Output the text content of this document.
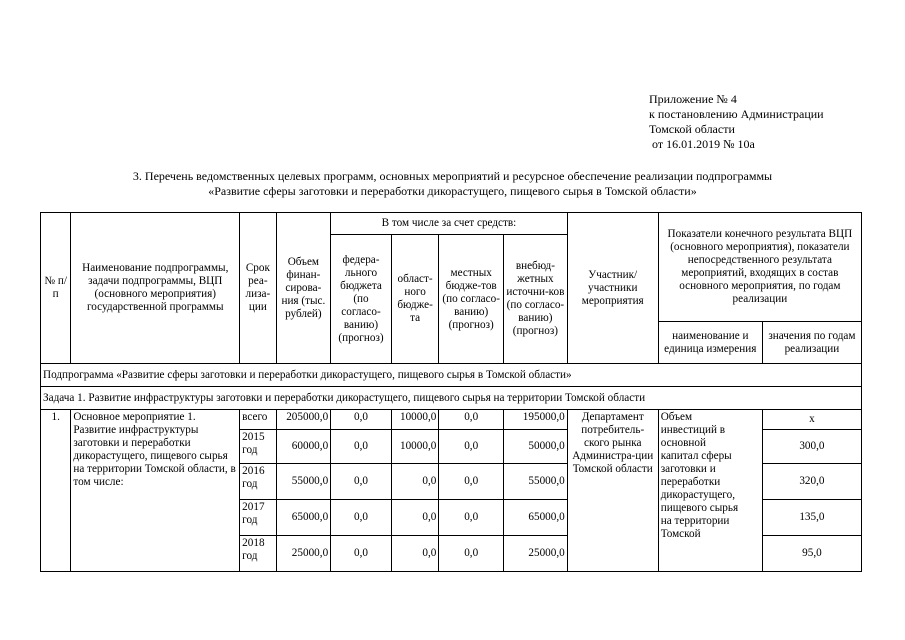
Приложение № 4
к постановлению Администрации
Томской области
от 16.01.2019 № 10а
3. Перечень ведомственных целевых программ, основных мероприятий и ресурсное обеспечение реализации подпрограммы
«Развитие сферы заготовки и переработки дикорастущего, пищевого сырья в Томской области»
№ п/п	Наименование подпрограммы, задачи подпрограммы, ВЦП (основного мероприятия) государственной программы	Срок реа-лиза-ции	Объем финан-сирова-ния (тыс. рублей)	В том числе за счет средств:				Участник/ участники мероприятия	Показатели конечного результата ВЦП (основного мероприятия), показатели непосредственного результата мероприятий, входящих в состав основного мероприятия, по годам реализации	
				федера-льного бюджета (по согласо-ванию) (прогноз)	област-ного бюдже-та	местных бюдже-тов (по согласо-ванию) (прогноз)	внебюд-жетных источни-ков (по согласо-ванию) (прогноз)			
									наименование и единица измерения	значения по годам реализации
Подпрограмма «Развитие сферы заготовки и переработки дикорастущего, пищевого сырья в Томской области»										
Задача 1. Развитие инфраструктуры заготовки и переработки дикорастущего, пищевого сырья на территории Томской области										
1.	Основное мероприятие 1. Развитие инфраструктуры заготовки и переработки дикорастущего, пищевого сырья на территории Томской области, в том числе:	всего	205000,0	0,0	10000,0	0,0	195000,0	Департамент потребитель-ского рынка Администра-ции Томской области	Объем инвестиций в основной капитал сферы заготовки и переработки дикорастущего, пищевого сырья на территории Томской	х
		2015 год	60000,0	0,0	10000,0	0,0	50000,0			300,0
		2016 год	55000,0	0,0	0,0	0,0	55000,0			320,0
		2017 год	65000,0	0,0	0,0	0,0	65000,0			135,0
		2018 год	25000,0	0,0	0,0	0,0	25000,0			95,0
